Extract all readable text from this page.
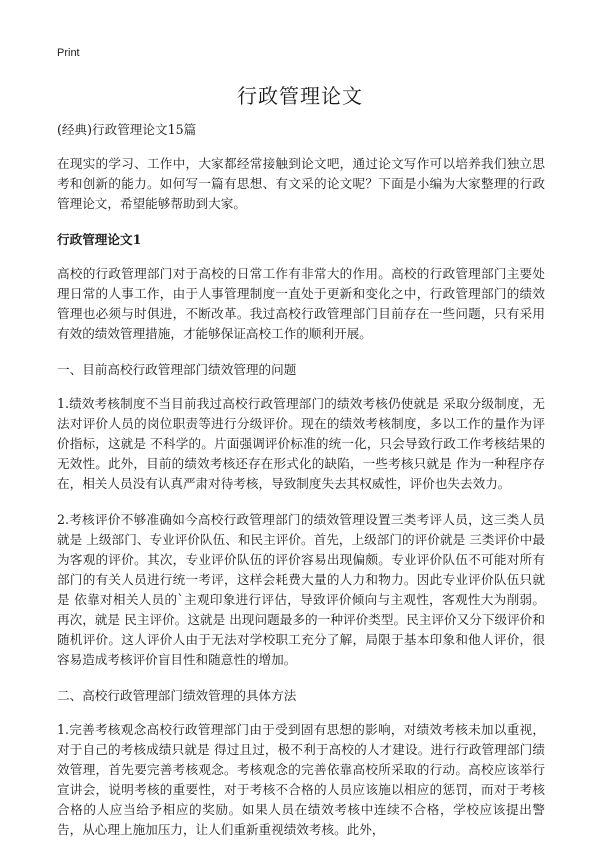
Print
行政管理论文

(经典)行政管理论文15篇

在现实的学习、工作中，大家都经常接触到论文吧，通过论文写作可以培养我们独立思考和创新的能力。如何写一篇有思想、有文采的论文呢？下面是小编为大家整理的行政管理论文，希望能够帮助到大家。

行政管理论文1

高校的行政管理部门对于高校的日常工作有非常大的作用。高校的行政管理部门主要处理日常的人事工作，由于人事管理制度一直处于更新和变化之中，行政管理部门的绩效管理也必须与时俱进，不断改革。我过高校行政管理部门目前存在一些问题，只有采用有效的绩效管理措施，才能够保证高校工作的顺利开展。

一、目前高校行政管理部门绩效管理的问题

1.绩效考核制度不当目前我过高校行政管理部门的绩效考核仍使就是 采取分级制度，无法对评价人员的岗位职责等进行分级评价。现在的绩效考核制度，多以工作的量作为评价指标，这就是 不科学的。片面强调评价标准的统一化，只会导致行政工作考核结果的无效性。此外，目前的绩效考核还存在形式化的缺陷，一些考核只就是 作为一种程序存在，相关人员没有认真严肃对待考核，导致制度失去其权威性，评价也失去效力。

2.考核评价不够准确如今高校行政管理部门的绩效管理设置三类考评人员，这三类人员就是 上级部门、专业评价队伍、和民主评价。首先，上级部门的评价就是 三类评价中最为客观的评价。其次，专业评价队伍的评价容易出现偏颇。专业评价队伍不可能对所有部门的有关人员进行统一考评，这样会耗费大量的人力和物力。因此专业评价队伍只就是 依靠对相关人员的`主观印象进行评估，导致评价倾向与主观性，客观性大为削弱。再次，就是 民主评价。这就是 出现问题最多的一种评价类型。民主评价又分下级评价和随机评价。这人评价人由于无法对学校职工充分了解，局限于基本印象和他人评价，很容易造成考核评价盲目性和随意性的增加。

二、高校行政管理部门绩效管理的具体方法

1.完善考核观念高校行政管理部门由于受到固有思想的影响，对绩效考核未加以重视，对于自己的考核成绩只就是 得过且过，极不利于高校的人才建设。进行行政管理部门绩效管理，首先要完善考核观念。考核观念的完善依靠高校所采取的行动。高校应该举行宣讲会，说明考核的重要性，对于考核不合格的人员应该施以相应的惩罚，而对于考核合格的人应当给予相应的奖励。如果人员在绩效考核中连续不合格，学校应该提出警告，从心理上施加压力，让人们重新重视绩效考核。此外，
